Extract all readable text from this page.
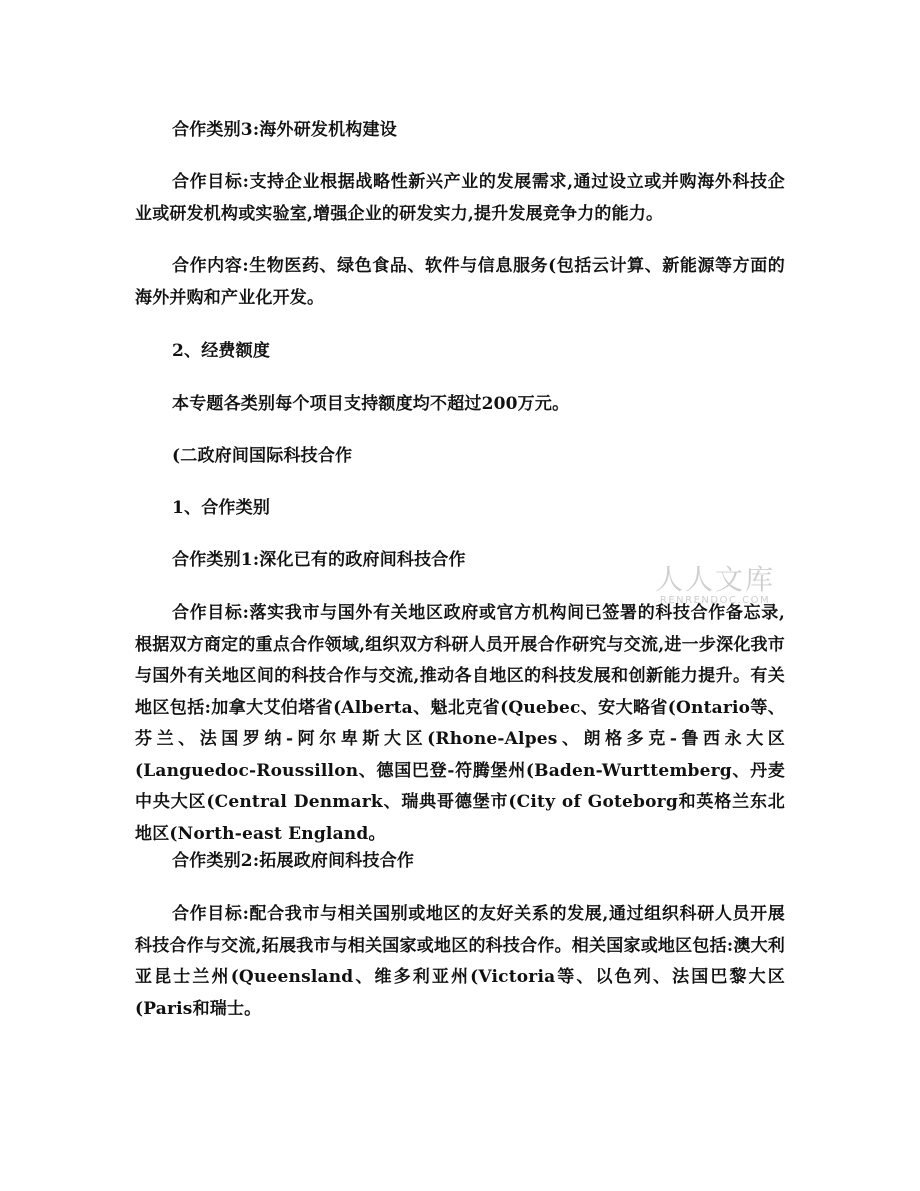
合作类别3:海外研发机构建设

合作目标:支持企业根据战略性新兴产业的发展需求,通过设立或并购海外科技企业或研发机构或实验室,增强企业的研发实力,提升发展竞争力的能力。

合作内容:生物医药、绿色食品、软件与信息服务(包括云计算、新能源等方面的海外并购和产业化开发。

2、经费额度

本专题各类别每个项目支持额度均不超过200万元。

(二政府间国际科技合作

1、合作类别

合作类别1:深化已有的政府间科技合作

合作目标:落实我市与国外有关地区政府或官方机构间已签署的科技合作备忘录,根据双方商定的重点合作领域,组织双方科研人员开展合作研究与交流,进一步深化我市与国外有关地区间的科技合作与交流,推动各自地区的科技发展和创新能力提升。有关地区包括:加拿大艾伯塔省(Alberta、魁北克省(Quebec、安大略省(Ontario等、芬兰、法国罗纳-阿尔卑斯大区(Rhone-Alpes、朗格多克-鲁西永大区(Languedoc-Roussillon、德国巴登-符腾堡州(Baden-Wurttemberg、丹麦中央大区(Central Denmark、瑞典哥德堡市(City of Goteborg和英格兰东北地区(North-east England。

合作类别2:拓展政府间科技合作

合作目标:配合我市与相关国别或地区的友好关系的发展,通过组织科研人员开展科技合作与交流,拓展我市与相关国家或地区的科技合作。相关国家或地区包括:澳大利亚昆士兰州(Queensland、维多利亚州(Victoria等、以色列、法国巴黎大区(Paris和瑞士。

人人文库
RENRENDOC.COM
